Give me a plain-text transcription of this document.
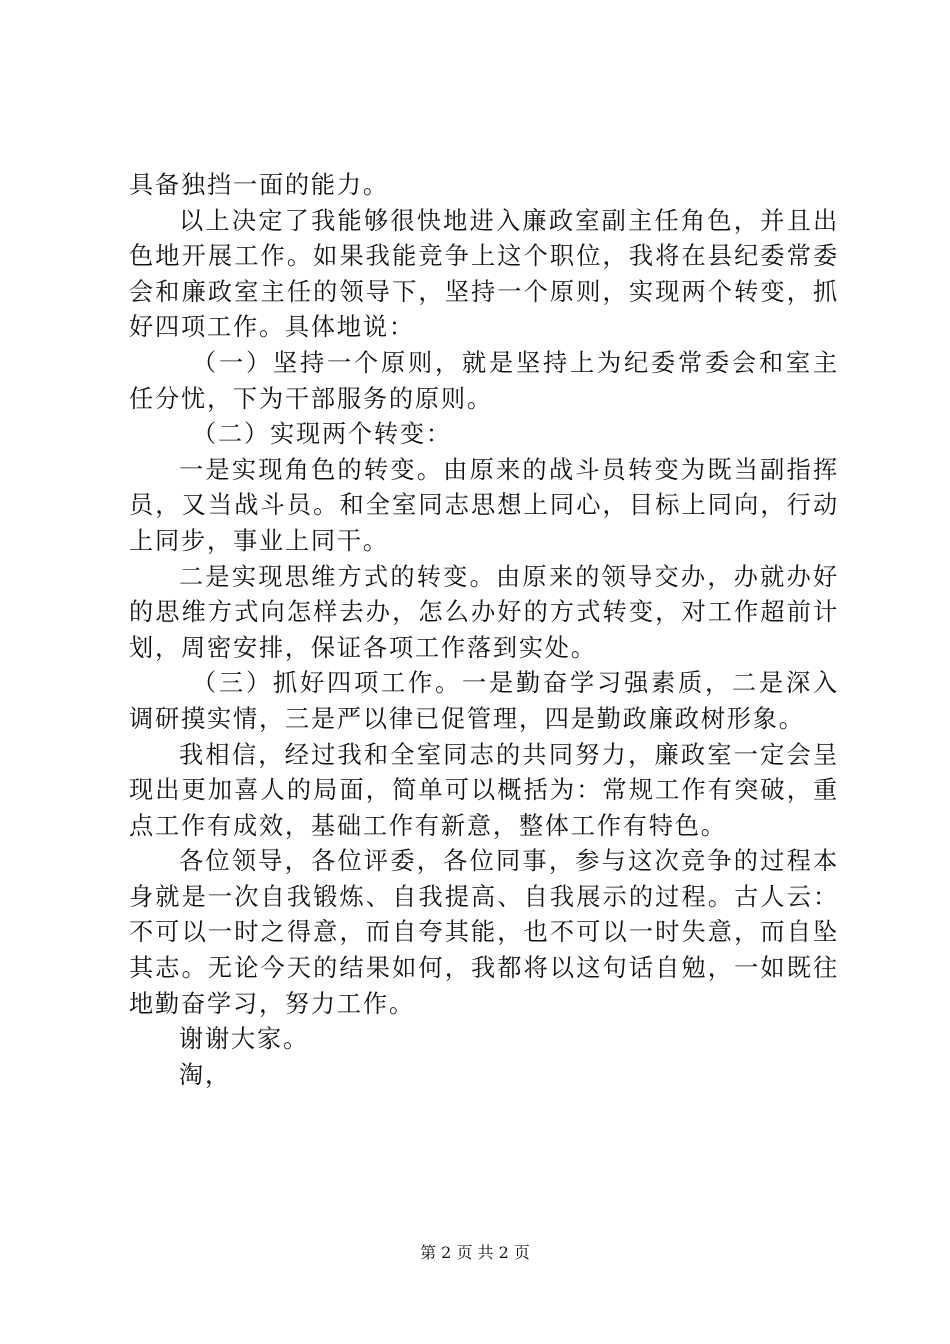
具备独挡一面的能力。

以上决定了我能够很快地进入廉政室副主任角色，并且出色地开展工作。如果我能竞争上这个职位，我将在县纪委常委会和廉政室主任的领导下，坚持一个原则，实现两个转变，抓好四项工作。具体地说：

（一）坚持一个原则，就是坚持上为纪委常委会和室主任分忧，下为干部服务的原则。

（二）实现两个转变：

一是实现角色的转变。由原来的战斗员转变为既当副指挥员，又当战斗员。和全室同志思想上同心，目标上同向，行动上同步，事业上同干。

二是实现思维方式的转变。由原来的领导交办，办就办好的思维方式向怎样去办，怎么办好的方式转变，对工作超前计划，周密安排，保证各项工作落到实处。

（三）抓好四项工作。一是勤奋学习强素质，二是深入调研摸实情，三是严以律已促管理，四是勤政廉政树形象。

我相信，经过我和全室同志的共同努力，廉政室一定会呈现出更加喜人的局面，简单可以概括为：常规工作有突破，重点工作有成效，基础工作有新意，整体工作有特色。

各位领导，各位评委，各位同事，参与这次竞争的过程本身就是一次自我锻炼、自我提高、自我展示的过程。古人云：不可以一时之得意，而自夸其能，也不可以一时失意，而自坠其志。无论今天的结果如何，我都将以这句话自勉，一如既往地勤奋学习，努力工作。

谢谢大家。

淘，

第 2 页 共 2 页
